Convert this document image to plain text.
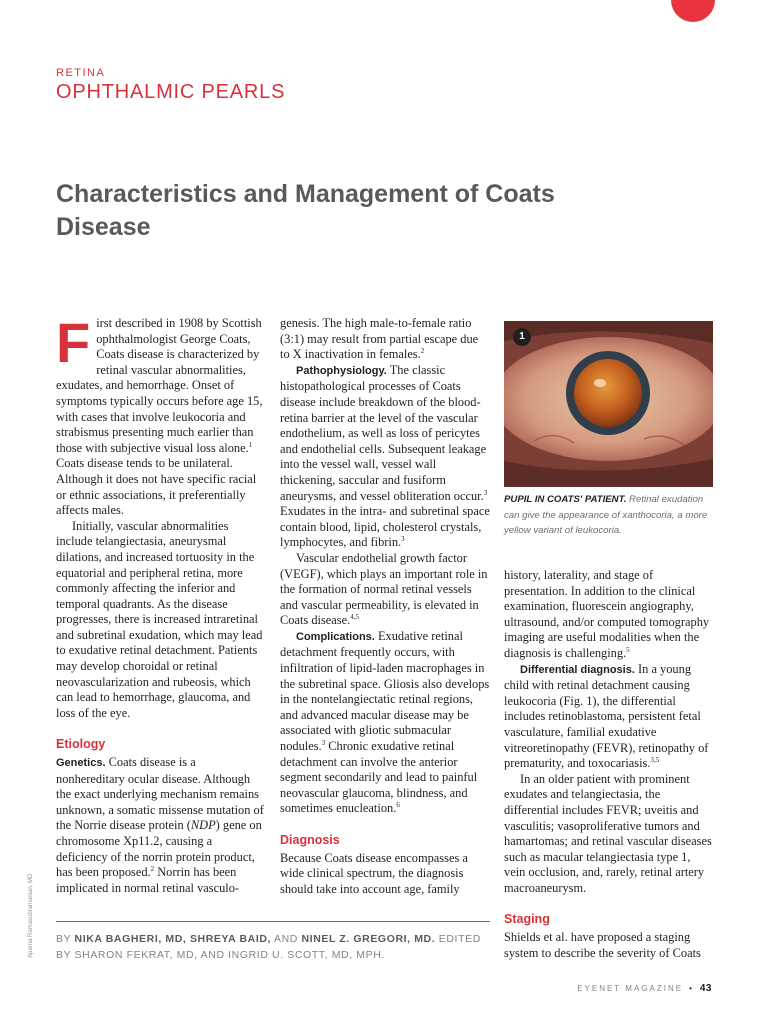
RETINA
OPHTHALMIC PEARLS
Characteristics and Management of Coats Disease

First described in 1908 by Scottish ophthalmologist George Coats, Coats disease is characterized by retinal vascular abnormalities, exudates, and hemorrhage. Onset of symptoms typically occurs before age 15, with cases that involve leukocoria and strabismus presenting much earlier than those with subjective visual loss alone.$^1$ Coats disease tends to be unilateral. Although it does not have specific racial or ethnic associations, it preferentially affects males.

Initially, vascular abnormalities include telangiectasia, aneurysmal dilations, and increased tortuosity in the equatorial and peripheral retina, more commonly affecting the inferior and temporal quadrants. As the disease progresses, there is increased intraretinal and subretinal exudation, which may lead to exudative retinal detachment. Patients may develop choroidal or retinal neovascularization and rubeosis, which can lead to hemorrhage, glaucoma, and loss of the eye.

Etiology

Genetics. Coats disease is a nonhereditary ocular disease. Although the exact underlying mechanism remains unknown, a somatic missense mutation of the Norrie disease protein (NDP) gene on chromosome Xp11.2, causing a deficiency of the norrin protein product, has been proposed.$^2$ Norrin has been implicated in normal retinal vasculo-

genesis. The high male-to-female ratio (3:1) may result from partial escape due to X inactivation in females.$^2$

Pathophysiology. The classic histopathological processes of Coats disease include breakdown of the blood-retina barrier at the level of the vascular endothelium, as well as loss of pericytes and endothelial cells. Subsequent leakage into the vessel wall, vessel wall thickening, saccular and fusiform aneurysms, and vessel obliteration occur.$^3$ Exudates in the intra- and subretinal space contain blood, lipid, cholesterol crystals, lymphocytes, and fibrin.$^3$

Vascular endothelial growth factor (VEGF), which plays an important role in the formation of normal retinal vessels and vascular permeability, is elevated in Coats disease.$^{4,5}$

Complications. Exudative retinal detachment frequently occurs, with infiltration of lipid-laden macrophages in the subretinal space. Gliosis also develops in the nontelangiectatic retinal regions, and advanced macular disease may be associated with gliotic submacular nodules.$^3$ Chronic exudative retinal detachment can involve the anterior segment secondarily and lead to painful neovascular glaucoma, blindness, and sometimes enucleation.$^6$

Diagnosis

Because Coats disease encompasses a wide clinical spectrum, the diagnosis should take into account age, family

1
PUPIL IN COATS' PATIENT. Retinal exudation can give the appearance of xanthocoria, a more yellow variant of leukocoria.

history, laterality, and stage of presentation. In addition to the clinical examination, fluorescein angiography, ultrasound, and/or computed tomography imaging are useful modalities when the diagnosis is challenging.$^5$

Differential diagnosis. In a young child with retinal detachment causing leukocoria (Fig. 1), the differential includes retinoblastoma, persistent fetal vasculature, familial exudative vitreoretinopathy (FEVR), retinopathy of prematurity, and toxocariasis.$^{3,5}$

In an older patient with prominent exudates and telangiectasia, the differential includes FEVR; uveitis and vasculitis; vasoproliferative tumors and hamartomas; and retinal vascular diseases such as macular telangiectasia type 1, vein occlusion, and, rarely, retinal artery macroaneurysm.

Staging

Shields et al. have proposed a staging system to describe the severity of Coats

BY NIKA BAGHERI, MD, SHREYA BAID, AND NINEL Z. GREGORI, MD. EDITED BY SHARON FEKRAT, MD, AND INGRID U. SCOTT, MD, MPH.
Aparna Ramasubramanian, MD
EYENET MAGAZINE • 43
